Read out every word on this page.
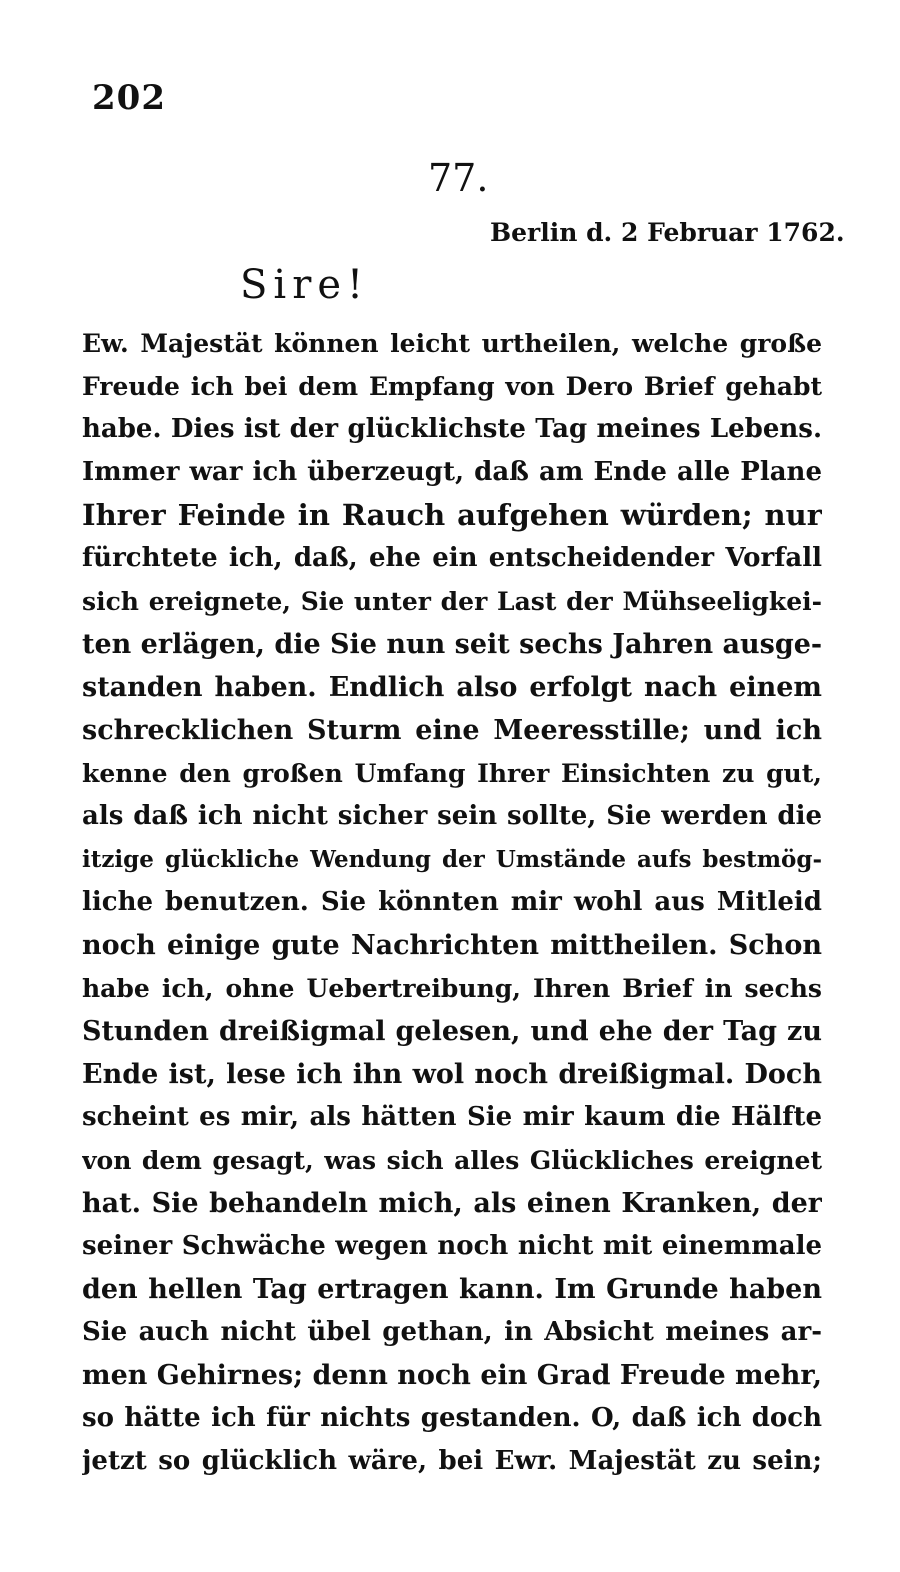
202
77.
Berlin d. 2 Februar 1762.
Sire!
Ew. Majestät können leicht urtheilen, welche große
Freude ich bei dem Empfang von Dero Brief gehabt
habe. Dies ist der glücklichste Tag meines Lebens.
Immer war ich überzeugt, daß am Ende alle Plane
Ihrer Feinde in Rauch aufgehen würden; nur
fürchtete ich, daß, ehe ein entscheidender Vorfall
sich ereignete, Sie unter der Last der Mühseeligkei-
ten erlägen, die Sie nun seit sechs Jahren ausge-
standen haben. Endlich also erfolgt nach einem
schrecklichen Sturm eine Meeresstille; und ich
kenne den großen Umfang Ihrer Einsichten zu gut,
als daß ich nicht sicher sein sollte, Sie werden die
itzige glückliche Wendung der Umstände aufs bestmög-
liche benutzen. Sie könnten mir wohl aus Mitleid
noch einige gute Nachrichten mittheilen. Schon
habe ich, ohne Uebertreibung, Ihren Brief in sechs
Stunden dreißigmal gelesen, und ehe der Tag zu
Ende ist, lese ich ihn wol noch dreißigmal. Doch
scheint es mir, als hätten Sie mir kaum die Hälfte
von dem gesagt, was sich alles Glückliches ereignet
hat. Sie behandeln mich, als einen Kranken, der
seiner Schwäche wegen noch nicht mit einemmale
den hellen Tag ertragen kann. Im Grunde haben
Sie auch nicht übel gethan, in Absicht meines ar-
men Gehirnes; denn noch ein Grad Freude mehr,
so hätte ich für nichts gestanden. O, daß ich doch
jetzt so glücklich wäre, bei Ewr. Majestät zu sein;
